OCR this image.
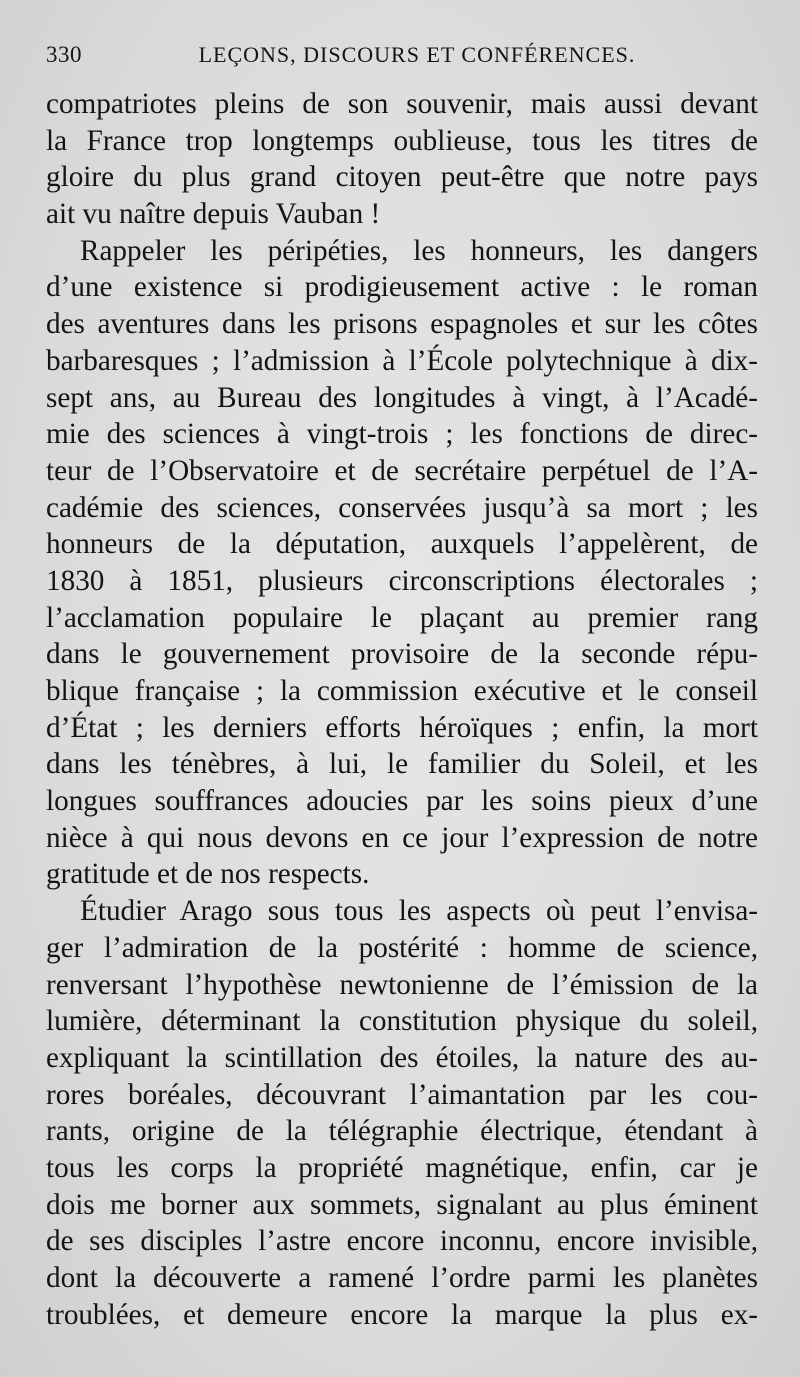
330	LEÇONS, DISCOURS ET CONFÉRENCES.
compatriotes pleins de son souvenir, mais aussi devant
la France trop longtemps oublieuse, tous les titres de
gloire du plus grand citoyen peut-être que notre pays
ait vu naître depuis Vauban !
Rappeler les péripéties, les honneurs, les dangers
d’une existence si prodigieusement active : le roman
des aventures dans les prisons espagnoles et sur les côtes
barbaresques ; l’admission à l’École polytechnique à dix-
sept ans, au Bureau des longitudes à vingt, à l’Acadé-
mie des sciences à vingt-trois ; les fonctions de direc-
teur de l’Observatoire et de secrétaire perpétuel de l’A-
cadémie des sciences, conservées jusqu’à sa mort ; les
honneurs de la députation, auxquels l’appelèrent, de
1830 à 1851, plusieurs circonscriptions électorales ;
l’acclamation populaire le plaçant au premier rang
dans le gouvernement provisoire de la seconde répu-
blique française ; la commission exécutive et le conseil
d’État ; les derniers efforts héroïques ; enfin, la mort
dans les ténèbres, à lui, le familier du Soleil, et les
longues souffrances adoucies par les soins pieux d’une
nièce à qui nous devons en ce jour l’expression de notre
gratitude et de nos respects.
Étudier Arago sous tous les aspects où peut l’envisa-
ger l’admiration de la postérité : homme de science,
renversant l’hypothèse newtonienne de l’émission de la
lumière, déterminant la constitution physique du soleil,
expliquant la scintillation des étoiles, la nature des au-
rores boréales, découvrant l’aimantation par les cou-
rants, origine de la télégraphie électrique, étendant à
tous les corps la propriété magnétique, enfin, car je
dois me borner aux sommets, signalant au plus éminent
de ses disciples l’astre encore inconnu, encore invisible,
dont la découverte a ramené l’ordre parmi les planètes
troublées, et demeure encore la marque la plus ex-
